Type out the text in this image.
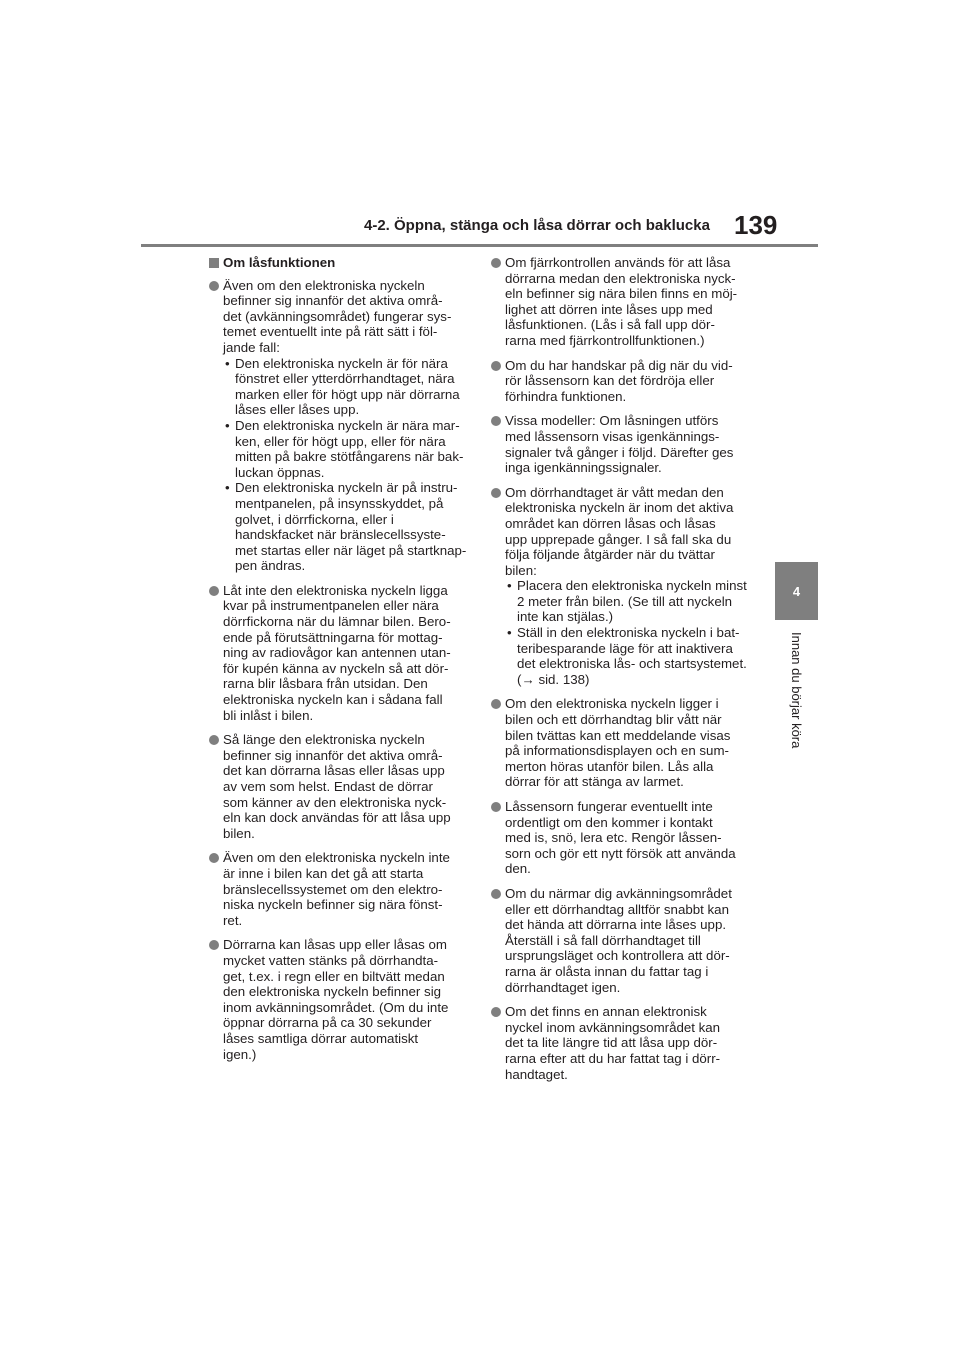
4-2. Öppna, stänga och låsa dörrar och baklucka 139
4
Innan du börjar köra
Om låsfunktionen
Även om den elektroniska nyckeln
befinner sig innanför det aktiva områ-
det (avkänningsområdet) fungerar sys-
temet eventuellt inte på rätt sätt i föl-
jande fall:
• Den elektroniska nyckeln är för nära
fönstret eller ytterdörrhandtaget, nära
marken eller för högt upp när dörrarna
låses eller låses upp.
• Den elektroniska nyckeln är nära mar-
ken, eller för högt upp, eller för nära
mitten på bakre stötfångarens när bak-
luckan öppnas.
• Den elektroniska nyckeln är på instru-
mentpanelen, på insynsskyddet, på
golvet, i dörrfickorna, eller i
handskfacket när bränslecellssyste-
met startas eller när läget på startknap-
pen ändras.
Låt inte den elektroniska nyckeln ligga
kvar på instrumentpanelen eller nära
dörrfickorna när du lämnar bilen. Bero-
ende på förutsättningarna för mottag-
ning av radiovågor kan antennen utan-
för kupén känna av nyckeln så att dör-
rarna blir låsbara från utsidan. Den
elektroniska nyckeln kan i sådana fall
bli inlåst i bilen.
Så länge den elektroniska nyckeln
befinner sig innanför det aktiva områ-
det kan dörrarna låsas eller låsas upp
av vem som helst. Endast de dörrar
som känner av den elektroniska nyck-
eln kan dock användas för att låsa upp
bilen.
Även om den elektroniska nyckeln inte
är inne i bilen kan det gå att starta
bränslecellssystemet om den elektro-
niska nyckeln befinner sig nära fönst-
ret.
Dörrarna kan låsas upp eller låsas om
mycket vatten stänks på dörrhandta-
get, t.ex. i regn eller en biltvätt medan
den elektroniska nyckeln befinner sig
inom avkänningsområdet. (Om du inte
öppnar dörrarna på ca 30 sekunder
låses samtliga dörrar automatiskt
igen.)
Om fjärrkontrollen används för att låsa
dörrarna medan den elektroniska nyck-
eln befinner sig nära bilen finns en möj-
lighet att dörren inte låses upp med
låsfunktionen. (Lås i så fall upp dör-
rarna med fjärrkontrollfunktionen.)
Om du har handskar på dig när du vid-
rör låssensorn kan det fördröja eller
förhindra funktionen.
Vissa modeller: Om låsningen utförs
med låssensorn visas igenkännings-
signaler två gånger i följd. Därefter ges
inga igenkänningssignaler.
Om dörrhandtaget är vått medan den
elektroniska nyckeln är inom det aktiva
området kan dörren låsas och låsas
upp upprepade gånger. I så fall ska du
följa följande åtgärder när du tvättar
bilen:
• Placera den elektroniska nyckeln minst
2 meter från bilen. (Se till att nyckeln
inte kan stjälas.)
• Ställ in den elektroniska nyckeln i bat-
teribesparande läge för att inaktivera
det elektroniska lås- och startsystemet.
(→ sid. 138)
Om den elektroniska nyckeln ligger i
bilen och ett dörrhandtag blir vått när
bilen tvättas kan ett meddelande visas
på informationsdisplayen och en sum-
merton höras utanför bilen. Lås alla
dörrar för att stänga av larmet.
Låssensorn fungerar eventuellt inte
ordentligt om den kommer i kontakt
med is, snö, lera etc. Rengör låssen-
sorn och gör ett nytt försök att använda
den.
Om du närmar dig avkänningsområdet
eller ett dörrhandtag alltför snabbt kan
det hända att dörrarna inte låses upp.
Återställ i så fall dörrhandtaget till
ursprungsläget och kontrollera att dör-
rarna är olåsta innan du fattar tag i
dörrhandtaget igen.
Om det finns en annan elektronisk
nyckel inom avkänningsområdet kan
det ta lite längre tid att låsa upp dör-
rarna efter att du har fattat tag i dörr-
handtaget.
